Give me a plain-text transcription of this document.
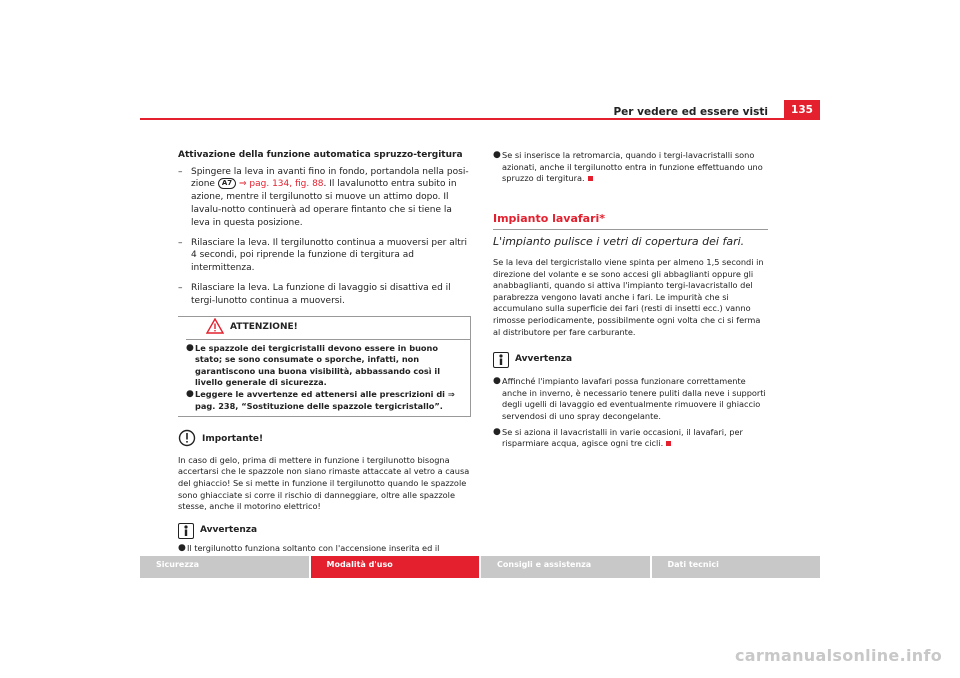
Per vedere ed essere visti	135

Attivazione della funzione automatica spruzzo-tergitura

– Spingere la leva in avanti fino in fondo, portandola nella posi-zione A7 ⇒ pag. 134, fig. 88. Il lavalunotto entra subito in azione, mentre il tergilunotto si muove un attimo dopo. Il lavalu-notto continuerà ad operare fintanto che si tiene la leva in questa posizione.

– Rilasciare la leva. Il tergilunotto continua a muoversi per altri 4 secondi, poi riprende la funzione di tergitura ad intermittenza.

– Rilasciare la leva. La funzione di lavaggio si disattiva ed il tergi-lunotto continua a muoversi.

ATTENZIONE!

● Le spazzole dei tergicristalli devono essere in buono stato; se sono consumate o sporche, infatti, non garantiscono una buona visibilità, abbassando così il livello generale di sicurezza.

● Leggere le avvertenze ed attenersi alle prescrizioni di ⇒ pag. 238, “Sostituzione delle spazzole tergicristallo”.

Importante!

In caso di gelo, prima di mettere in funzione i tergilunotto bisogna accertarsi che le spazzole non siano rimaste attaccate al vetro a causa del ghiaccio! Se si mette in funzione il tergilunotto quando le spazzole sono ghiacciate si corre il rischio di danneggiare, oltre alle spazzole stesse, anche il motorino elettrico!

Avvertenza

● Il tergilunotto funziona soltanto con l'accensione inserita ed il

● Se si inserisce la retromarcia, quando i tergi-lavacristalli sono azionati, anche il tergilunotto entra in funzione effettuando uno spruzzo di tergitura.

Impianto lavafari*

L'impianto pulisce i vetri di copertura dei fari.

Se la leva del tergicristallo viene spinta per almeno 1,5 secondi in direzione del volante e se sono accesi gli abbaglianti oppure gli anabbaglianti, quando si attiva l'impianto tergi-lavacristallo del parabrezza vengono lavati anche i fari. Le impurità che si accumulano sulla superficie dei fari (resti di insetti ecc.) vanno rimosse periodicamente, possibilmente ogni volta che ci si ferma al distributore per fare carburante.

Avvertenza

● Affinché l'impianto lavafari possa funzionare correttamente anche in inverno, è necessario tenere puliti dalla neve i supporti degli ugelli di lavaggio ed eventualmente rimuovere il ghiaccio servendosi di uno spray decongelante.

● Se si aziona il lavacristalli in varie occasioni, il lavafari, per risparmiare acqua, agisce ogni tre cicli.

Sicurezza	Modalità d'uso	Consigli e assistenza	Dati tecnici
carmanualsonline.info
